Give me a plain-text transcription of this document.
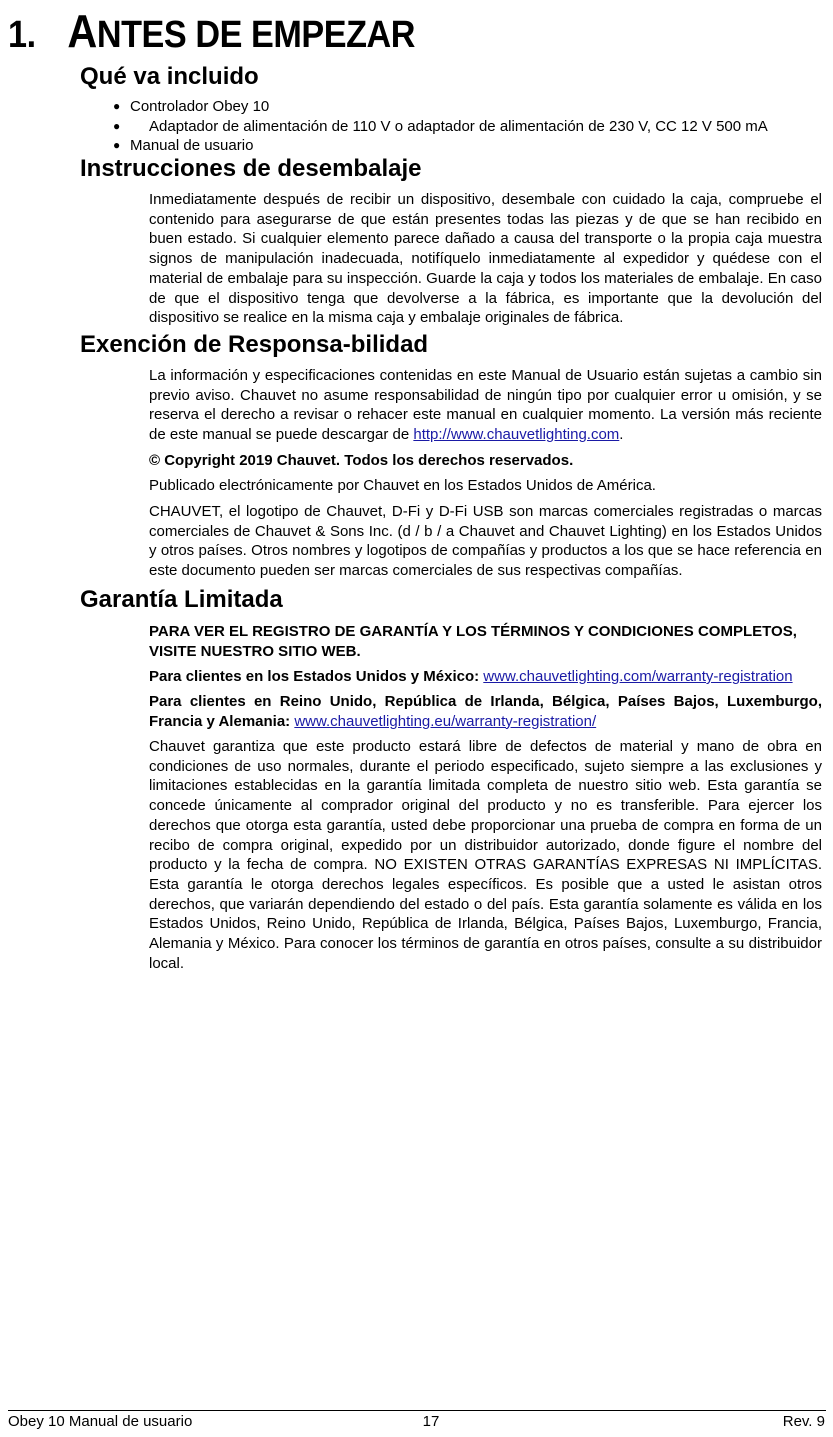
1. ANTES DE EMPEZAR
Qué va incluido
● Controlador Obey 10
● Adaptador de alimentación de 110 V o adaptador de alimentación de 230 V, CC 12 V 500 mA
● Manual de usuario
Instrucciones de desembalaje

Inmediatamente después de recibir un dispositivo, desembale con cuidado la caja, compruebe el contenido para asegurarse de que están presentes todas las piezas y de que se han recibido en buen estado. Si cualquier elemento parece dañado a causa del transporte o la propia caja muestra signos de manipulación inadecuada, notifíquelo inmediatamente al expedidor y quédese con el material de embalaje para su inspección. Guarde la caja y todos los materiales de embalaje. En caso de que el dispositivo tenga que devolverse a la fábrica, es importante que la devolución del dispositivo se realice en la misma caja y embalaje originales de fábrica.

Exención de Responsa-bilidad

La información y especificaciones contenidas en este Manual de Usuario están sujetas a cambio sin previo aviso. Chauvet no asume responsabilidad de ningún tipo por cualquier error u omisión, y se reserva el derecho a revisar o rehacer este manual en cualquier momento. La versión más reciente de este manual se puede descargar de http://www.chauvetlighting.com.

© Copyright 2019 Chauvet. Todos los derechos reservados.

Publicado electrónicamente por Chauvet en los Estados Unidos de América.

CHAUVET, el logotipo de Chauvet, D-Fi y D-Fi USB son marcas comerciales registradas o marcas comerciales de Chauvet & Sons Inc. (d / b / a Chauvet and Chauvet Lighting) en los Estados Unidos y otros países. Otros nombres y logotipos de compañías y productos a los que se hace referencia en este documento pueden ser marcas comerciales de sus respectivas compañías.

Garantía Limitada

PARA VER EL REGISTRO DE GARANTÍA Y LOS TÉRMINOS Y CONDICIONES COMPLETOS, VISITE NUESTRO SITIO WEB.

Para clientes en los Estados Unidos y México: www.chauvetlighting.com/warranty-registration

Para clientes en Reino Unido, República de Irlanda, Bélgica, Países Bajos, Luxemburgo, Francia y Alemania: www.chauvetlighting.eu/warranty-registration/

Chauvet garantiza que este producto estará libre de defectos de material y mano de obra en condiciones de uso normales, durante el periodo especificado, sujeto siempre a las exclusiones y limitaciones establecidas en la garantía limitada completa de nuestro sitio web. Esta garantía se concede únicamente al comprador original del producto y no es transferible. Para ejercer los derechos que otorga esta garantía, usted debe proporcionar una prueba de compra en forma de un recibo de compra original, expedido por un distribuidor autorizado, donde figure el nombre del producto y la fecha de compra. NO EXISTEN OTRAS GARANTÍAS EXPRESAS NI IMPLÍCITAS. Esta garantía le otorga derechos legales específicos. Es posible que a usted le asistan otros derechos, que variarán dependiendo del estado o del país. Esta garantía solamente es válida en los Estados Unidos, Reino Unido, República de Irlanda, Bélgica, Países Bajos, Luxemburgo, Francia, Alemania y México. Para conocer los términos de garantía en otros países, consulte a su distribuidor local.

Obey 10 Manual de usuario	17	Rev. 9
